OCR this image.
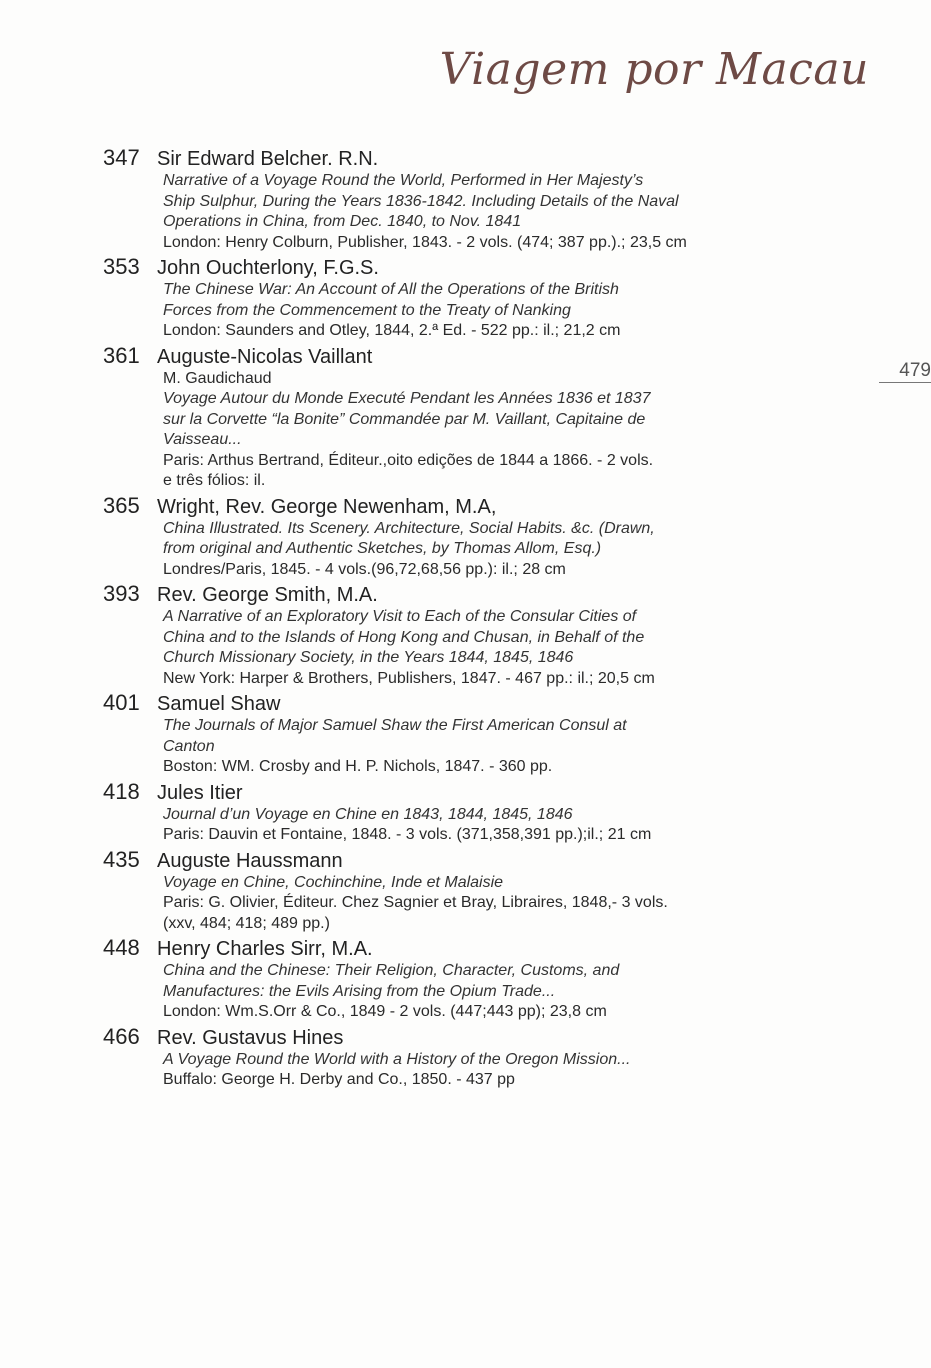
Viagem por Macau
479
347 Sir Edward Belcher. R.N.
Narrative of a Voyage Round the World, Performed in Her Majesty’s
Ship Sulphur, During the Years 1836-1842. Including Details of the Naval
Operations in China, from Dec. 1840, to Nov. 1841
London: Henry Colburn, Publisher, 1843. - 2 vols. (474; 387 pp.).; 23,5 cm
353 John Ouchterlony, F.G.S.
The Chinese War: An Account of All the Operations of the British
Forces from the Commencement to the Treaty of Nanking
London: Saunders and Otley, 1844, 2.ª Ed. - 522 pp.: il.; 21,2 cm
361 Auguste-Nicolas Vaillant
M. Gaudichaud
Voyage Autour du Monde Executé Pendant les Années 1836 et 1837
sur la Corvette “la Bonite” Commandée par M. Vaillant, Capitaine de
Vaisseau...
Paris: Arthus Bertrand, Éditeur.,oito edições de 1844 a 1866. - 2 vols.
e três fólios: il.
365 Wright, Rev. George Newenham, M.A,
China Illustrated. Its Scenery. Architecture, Social Habits. &c. (Drawn,
from original and Authentic Sketches, by Thomas Allom, Esq.)
Londres/Paris, 1845. - 4 vols.(96,72,68,56 pp.): il.; 28 cm
393 Rev. George Smith, M.A.
A Narrative of an Exploratory Visit to Each of the Consular Cities of
China and to the Islands of Hong Kong and Chusan, in Behalf of the
Church Missionary Society, in the Years 1844, 1845, 1846
New York: Harper & Brothers, Publishers, 1847. - 467 pp.: il.; 20,5 cm
401 Samuel Shaw
The Journals of Major Samuel Shaw the First American Consul at
Canton
Boston: WM. Crosby and H. P. Nichols, 1847. - 360 pp.
418 Jules Itier
Journal d’un Voyage en Chine en 1843, 1844, 1845, 1846
Paris: Dauvin et Fontaine, 1848. - 3 vols. (371,358,391 pp.);il.; 21 cm
435 Auguste Haussmann
Voyage en Chine, Cochinchine, Inde et Malaisie
Paris: G. Olivier, Éditeur. Chez Sagnier et Bray, Libraires, 1848,- 3 vols.
(xxv, 484; 418; 489 pp.)
448 Henry Charles Sirr, M.A.
China and the Chinese: Their Religion, Character, Customs, and
Manufactures: the Evils Arising from the Opium Trade...
London: Wm.S.Orr & Co., 1849 - 2 vols. (447;443 pp); 23,8 cm
466 Rev. Gustavus Hines
A Voyage Round the World with a History of the Oregon Mission...
Buffalo: George H. Derby and Co., 1850. - 437 pp
